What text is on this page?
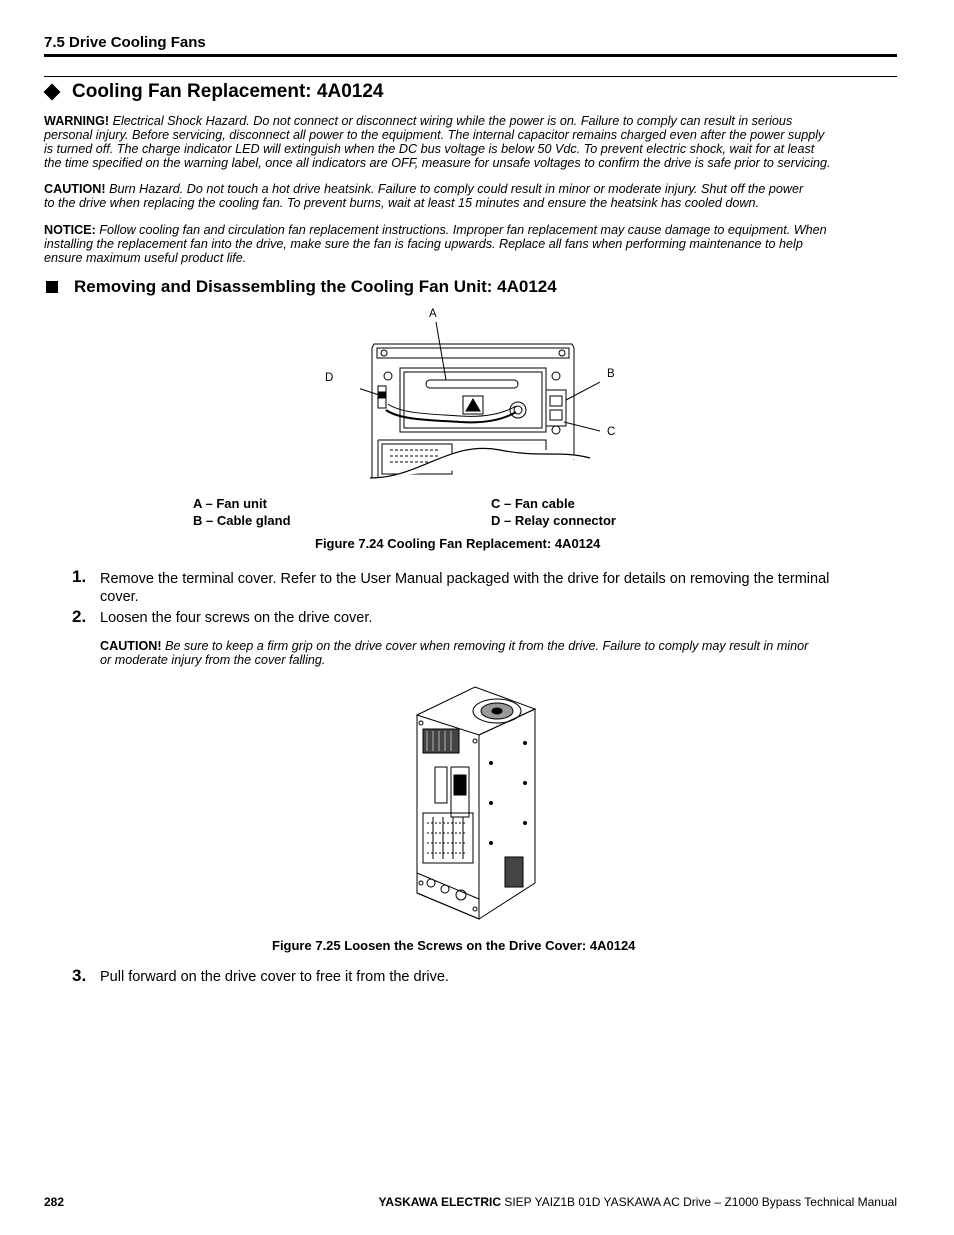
7.5 Drive Cooling Fans
Cooling Fan Replacement: 4A0124
WARNING! Electrical Shock Hazard. Do not connect or disconnect wiring while the power is on. Failure to comply can result in serious
personal injury. Before servicing, disconnect all power to the equipment. The internal capacitor remains charged even after the power supply
is turned off. The charge indicator LED will extinguish when the DC bus voltage is below 50 Vdc. To prevent electric shock, wait for at least
the time specified on the warning label, once all indicators are OFF, measure for unsafe voltages to confirm the drive is safe prior to servicing.
CAUTION! Burn Hazard. Do not touch a hot drive heatsink. Failure to comply could result in minor or moderate injury. Shut off the power
to the drive when replacing the cooling fan. To prevent burns, wait at least 15 minutes and ensure the heatsink has cooled down.
NOTICE: Follow cooling fan and circulation fan replacement instructions. Improper fan replacement may cause damage to equipment. When
installing the replacement fan into the drive, make sure the fan is facing upwards. Replace all fans when performing maintenance to help
ensure maximum useful product life.
Removing and Disassembling the Cooling Fan Unit: 4A0124
A
B
C
D
A – Fan unit
B – Cable gland
C – Fan cable
D – Relay connector
Figure 7.24 Cooling Fan Replacement: 4A0124
1. Remove the terminal cover. Refer to the User Manual packaged with the drive for details on removing the terminal
cover.
2. Loosen the four screws on the drive cover.
CAUTION! Be sure to keep a firm grip on the drive cover when removing it from the drive. Failure to comply may result in minor
or moderate injury from the cover falling.
Figure 7.25 Loosen the Screws on the Drive Cover: 4A0124
3. Pull forward on the drive cover to free it from the drive.
282	YASKAWA ELECTRIC SIEP YAIZ1B 01D YASKAWA AC Drive – Z1000 Bypass Technical Manual
